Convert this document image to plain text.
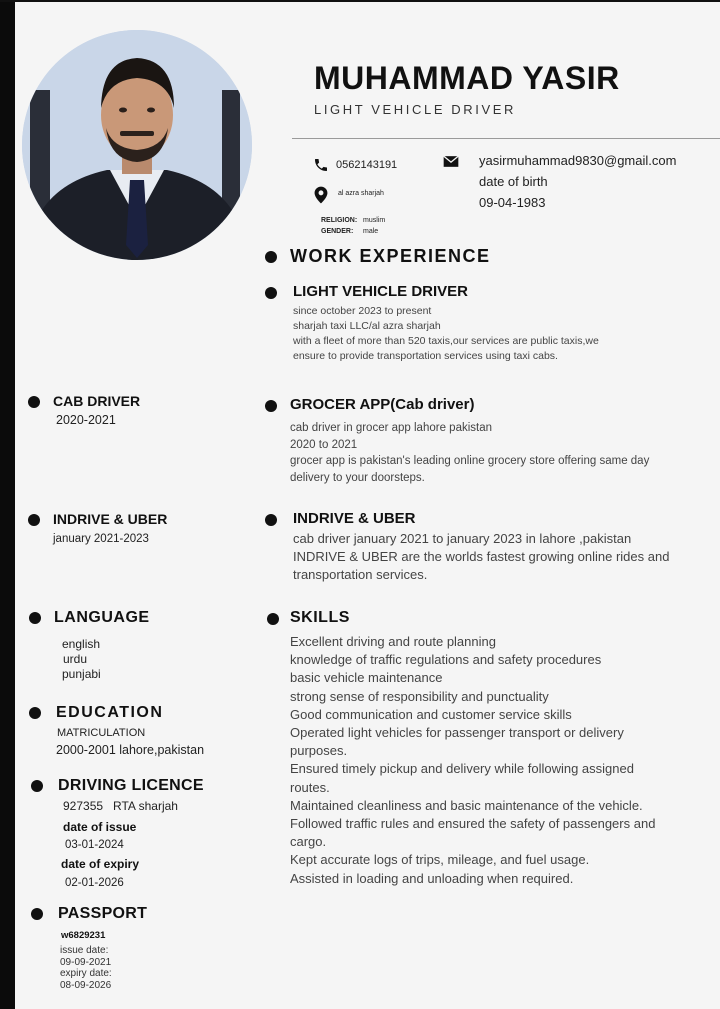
MUHAMMAD YASIR
LIGHT VEHICLE DRIVER
0562143191
al azra sharjah
RELIGION: muslim
GENDER: male
yasirmuhammad9830@gmail.com
date of birth
09-04-1983
WORK EXPERIENCE
LIGHT VEHICLE DRIVER
since october 2023 to present
sharjah taxi LLC/al azra sharjah
with a fleet of more than 520 taxis,our services are public taxis,we
ensure to provide transportation services using taxi cabs.
GROCER APP(Cab driver)
cab driver in grocer app lahore pakistan
2020 to 2021
grocer app is pakistan's leading online grocery store offering same day
delivery to your doorsteps.
INDRIVE & UBER
cab driver january 2021 to january 2023 in lahore ,pakistan
INDRIVE & UBER are the worlds fastest growing online rides and
transportation services.
CAB DRIVER
2020-2021
INDRIVE & UBER
january 2021-2023
LANGUAGE
english
urdu
punjabi
EDUCATION
MATRICULATION
2000-2001 lahore,pakistan
DRIVING LICENCE
927355   RTA sharjah
date of issue
03-01-2024
date of expiry
02-01-2026
PASSPORT
w6829231
issue date:
09-09-2021
expiry date:
08-09-2026
SKILLS
Excellent driving and route planning
knowledge of traffic regulations and safety procedures
basic vehicle maintenance
strong sense of responsibility and punctuality
Good communication and customer service skills
Operated light vehicles for passenger transport or delivery
purposes.
Ensured timely pickup and delivery while following assigned
routes.
Maintained cleanliness and basic maintenance of the vehicle.
Followed traffic rules and ensured the safety of passengers and
cargo.
Kept accurate logs of trips, mileage, and fuel usage.
Assisted in loading and unloading when required.
